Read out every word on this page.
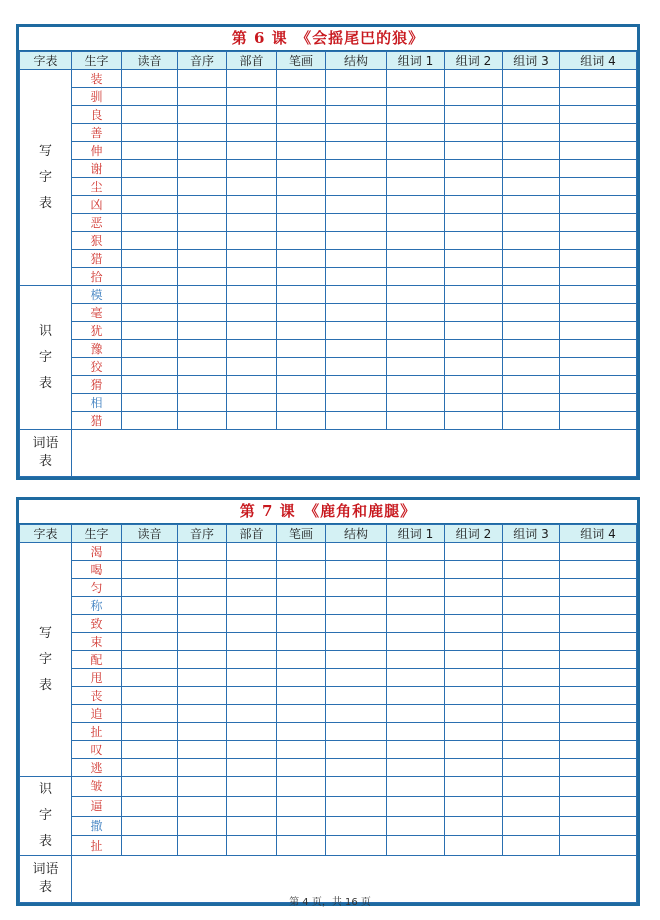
第 6 课　《会摇尾巴的狼》
字表	生字	读音	音序	部首	笔画	结构	组词 1	组词 2	组词 3	组词 4

写
字
表	装									
	驯									
	良									
	善									
	伸									
	谢									
	尘									
	凶									
	恶									
	狠									
	猎									
	拾									

识
字
表	模									
	毫									
	犹									
	豫									
	狡									
	猾									
	相									
	猎									

词语
表										

第 7 课　《鹿角和鹿腿》
字表	生字	读音	音序	部首	笔画	结构	组词 1	组词 2	组词 3	组词 4

写
字
表	渴									
	喝									
	匀									
	称									
	致									
	束									
	配									
	甩									
	丧									
	追									
	扯									
	叹									
	逃									

识
字
表	皱									
	逼									
	撒									
	扯									

词语
表										

第 4 页，共 16 页
